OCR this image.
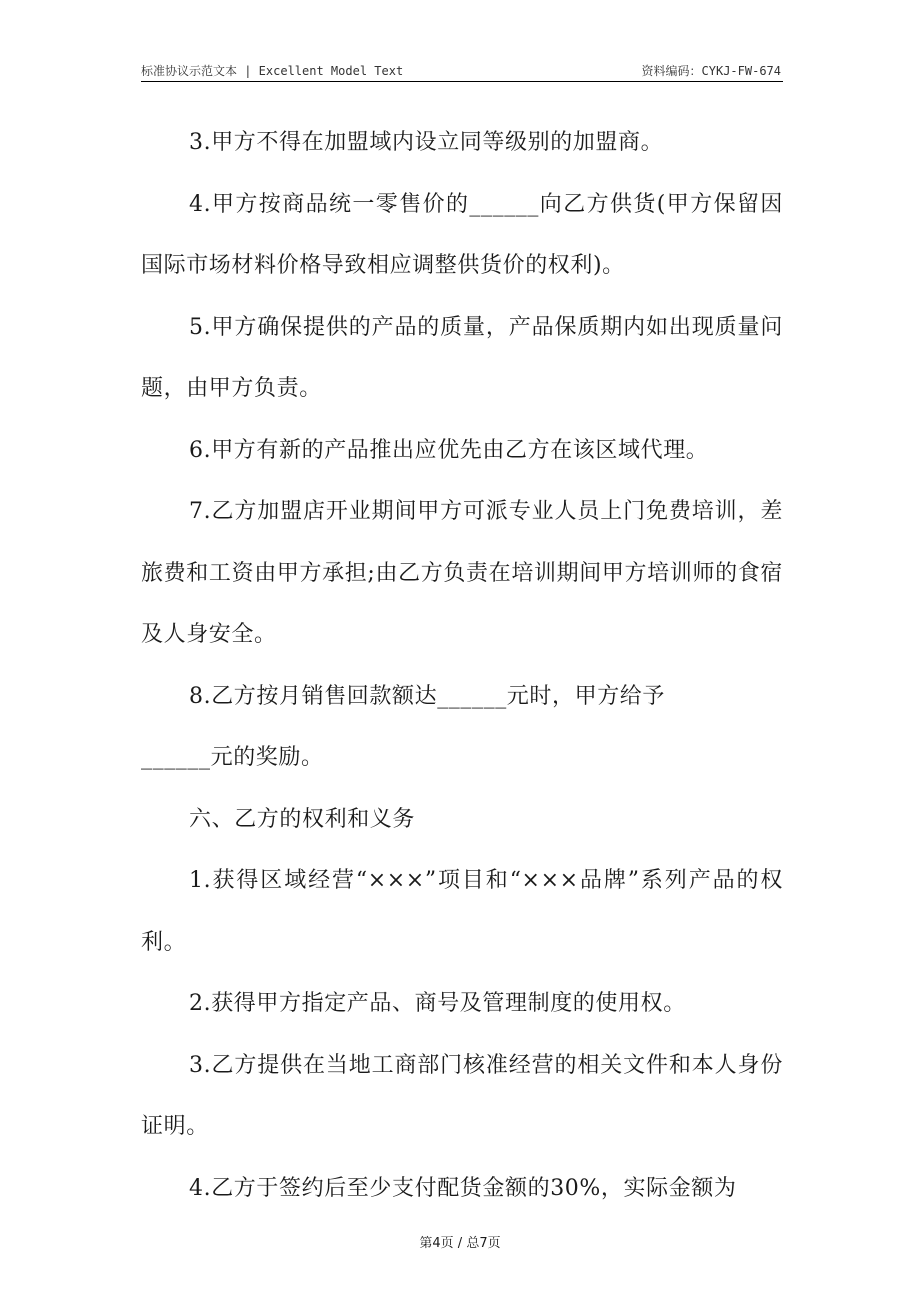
标准协议示范文本 | Excellent Model Text	资料编码：CYKJ-FW-674

3.甲方不得在加盟域内设立同等级别的加盟商。

4.甲方按商品统一零售价的______向乙方供货(甲方保留因国际市场材料价格导致相应调整供货价的权利)。

5.甲方确保提供的产品的质量，产品保质期内如出现质量问题，由甲方负责。

6.甲方有新的产品推出应优先由乙方在该区域代理。

7.乙方加盟店开业期间甲方可派专业人员上门免费培训，差旅费和工资由甲方承担;由乙方负责在培训期间甲方培训师的食宿及人身安全。

8.乙方按月销售回款额达______元时，甲方给予

______元的奖励。

六、乙方的权利和义务

1.获得区域经营“×××”项目和“×××品牌”系列产品的权利。

2.获得甲方指定产品、商号及管理制度的使用权。

3.乙方提供在当地工商部门核准经营的相关文件和本人身份证明。

4.乙方于签约后至少支付配货金额的30%，实际金额为

第4页 / 总7页
